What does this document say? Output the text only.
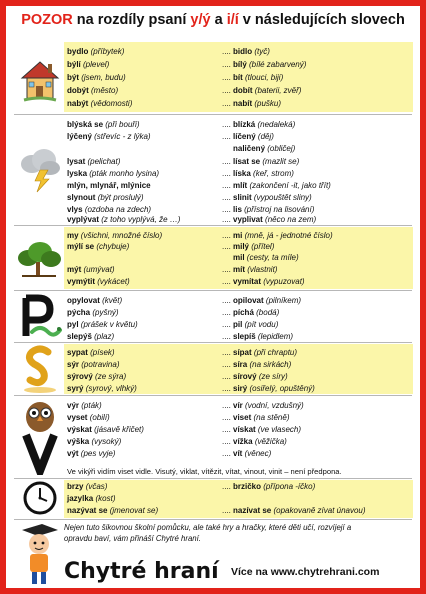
POZOR na rozdíly psaní y/ý a i/í v následujících slovech
bydlo (příbytek)	.... bidlo (tyč)
býlí (plevel)	.... bílý (bílé zabarvený)
být (jsem, budu)	.... bít (tlouci, biji)
dobýt (město)	.... dobít (baterii, zvěř)
nabýt (vědomosti)	.... nabít (pušku)
blýská se (při bouři)	.... blízká (nedaleká)
lýčený (střevíc - z lýka)	.... líčený (děj)
naličený (obličej)
lysat (pelichat)	.... lísat se (mazlit se)
lyska (pták monho lysina)	.... líska (keř, strom)
mlýn, mlynář, mlýnice	.... mlít (zakončení -it, jako třít)
slynout (být proslulý)	.... slinit (vypouštět sliny)
vlys (ozdoba na zdech)	.... lis (přístroj na lisování)
vyplývat (z toho vyplývá, že …)	.... vyplivat (něco na zem)
my (všichni, množné číslo)	.... mi (mně, já - jednotné číslo)
mýlí se (chybuje)	.... milý (přítel)
mil (cesty, ta míle)
mýt (umývat)	.... mít (vlastnit)
vymýtit (vykácet)	.... vymítat (vypuzovat)
opylovat (květ)	.... opilovat (pilníkem)
pýcha (pyšný)	.... píchá (bodá)
pyl (prášek v květu)	.... pil (pít vodu)
slepýš (plaz)	.... slepíš (lepidlem)
sypat (písek)	.... sípat (při chraptu)
sýr (potravina)	.... síra (na sirkách)
sýrový (ze sýra)	.... sírový (ze síry)
syrý (syrový, vlhký)	.... sirý (osiřelý, opuštěný)
výr (pták)	.... vír (vodní, vzdušný)
vyset (obilí)	.... viset (na stěně)
výskat (jásavě křičet)	.... vískat (ve vlasech)
výška (vysoký)	.... vížka (věžička)
výt (pes vyje)	.... vít (věnec)
Ve vikýři vidím viset vidle. Visutý, viklat, vítězit, vítat, vinout, vinit – není předpona.
brzy (včas)	.... brzičko (přípona -íčko)
jazylka (kost)
nazývat se (jmenovat se)	.... nazívat se (opakovaně zívat únavou)
Nejen tuto šikovnou školní pomůcku, ale také hry a hračky, které děti učí, rozvíjejí a opravdu baví, vám přináší Chytré hraní.
Chytré hraní Více na www.chytrehrani.com
